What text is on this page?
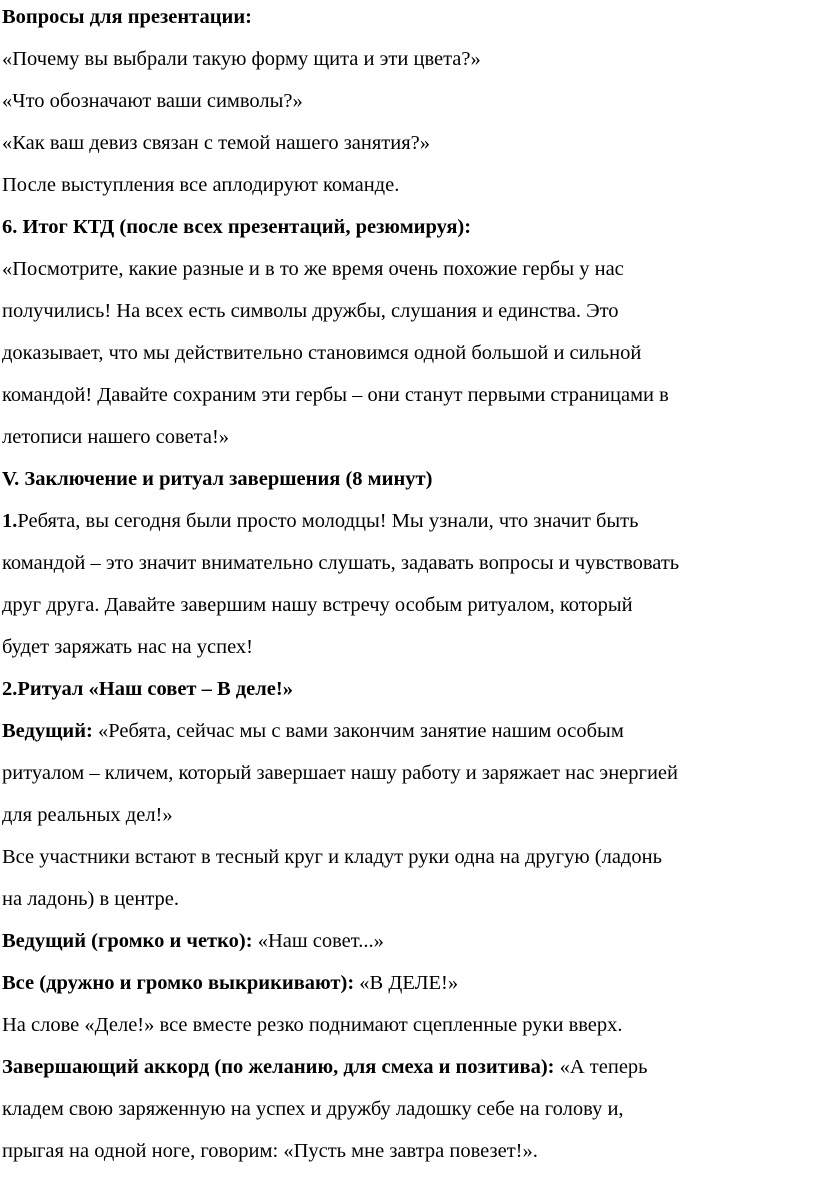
Вопросы для презентации:

«Почему вы выбрали такую форму щита и эти цвета?»

«Что обозначают ваши символы?»

«Как ваш девиз связан с темой нашего занятия?»

После выступления все аплодируют команде.

6. Итог КТД (после всех презентаций, резюмируя):

«Посмотрите, какие разные и в то же время очень похожие гербы у нас

получились! На всех есть символы дружбы, слушания и единства. Это

доказывает, что мы действительно становимся одной большой и сильной

командой! Давайте сохраним эти гербы – они станут первыми страницами в

летописи нашего совета!»

V. Заключение и ритуал завершения (8 минут)

1.Ребята, вы сегодня были просто молодцы! Мы узнали, что значит быть

командой – это значит внимательно слушать, задавать вопросы и чувствовать

друг друга. Давайте завершим нашу встречу особым ритуалом, который

будет заряжать нас на успех!

2.Ритуал «Наш совет – В деле!»

Ведущий: «Ребята, сейчас мы с вами закончим занятие нашим особым

ритуалом – кличем, который завершает нашу работу и заряжает нас энергией

для реальных дел!»

Все участники встают в тесный круг и кладут руки одна на другую (ладонь

на ладонь) в центре.

Ведущий (громко и четко): «Наш совет...»

Все (дружно и громко выкрикивают): «В ДЕЛЕ!»

На слове «Деле!» все вместе резко поднимают сцепленные руки вверх.

Завершающий аккорд (по желанию, для смеха и позитива): «А теперь

кладем свою заряженную на успех и дружбу ладошку себе на голову и,

прыгая на одной ноге, говорим: «Пусть мне завтра повезет!».
